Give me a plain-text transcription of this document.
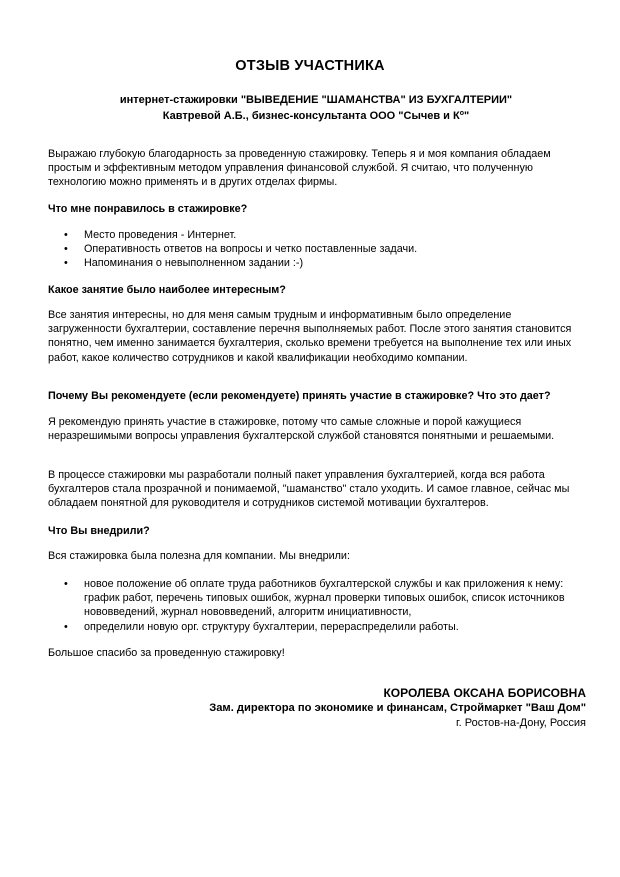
ОТЗЫВ УЧАСТНИКА
интернет-стажировки "ВЫВЕДЕНИЕ "ШАМАНСТВА" ИЗ БУХГАЛТЕРИИ"
Кавтревой А.Б., бизнес-консультанта ООО "Сычев и $К^о$"
Выражаю глубокую благодарность за проведенную стажировку. Теперь я и моя компания обладаем простым и эффективным методом управления финансовой службой. Я считаю, что полученную технологию можно применять и в других отделах фирмы.
Что мне понравилось в стажировке?
• Место проведения - Интернет.
• Оперативность ответов на вопросы и четко поставленные задачи.
• Напоминания о невыполненном задании :-)
Какое занятие было наиболее интересным?
Все занятия интересны, но для меня самым трудным и информативным было определение загруженности бухгалтерии, составление перечня выполняемых работ. После этого занятия становится понятно, чем именно занимается бухгалтерия, сколько времени требуется на выполнение тех или иных работ, какое количество сотрудников и какой квалификации необходимо компании.
Почему Вы рекомендуете (если рекомендуете) принять участие в стажировке? Что это дает?
Я рекомендую принять участие в стажировке, потому что самые сложные и порой кажущиеся неразрешимыми вопросы управления бухгалтерской службой становятся понятными и решаемыми.
В процессе стажировки мы разработали полный пакет управления бухгалтерией, когда вся работа бухгалтеров стала прозрачной и понимаемой, "шаманство" стало уходить. И самое главное, сейчас мы обладаем понятной для руководителя и сотрудников системой мотивации бухгалтеров.
Что Вы внедрили?
Вся стажировка была полезна для компании. Мы внедрили:
• новое положение об оплате труда работников бухгалтерской службы и как приложения к нему: график работ, перечень типовых ошибок, журнал проверки типовых ошибок, список источников нововведений, журнал нововведений, алгоритм инициативности,
• определили новую орг. структуру бухгалтерии, перераспределили работы.
Большое спасибо за проведенную стажировку!
КОРОЛЕВА ОКСАНА БОРИСОВНА
Зам. директора по экономике и финансам, Строймаркет "Ваш Дом"
г. Ростов-на-Дону, Россия
